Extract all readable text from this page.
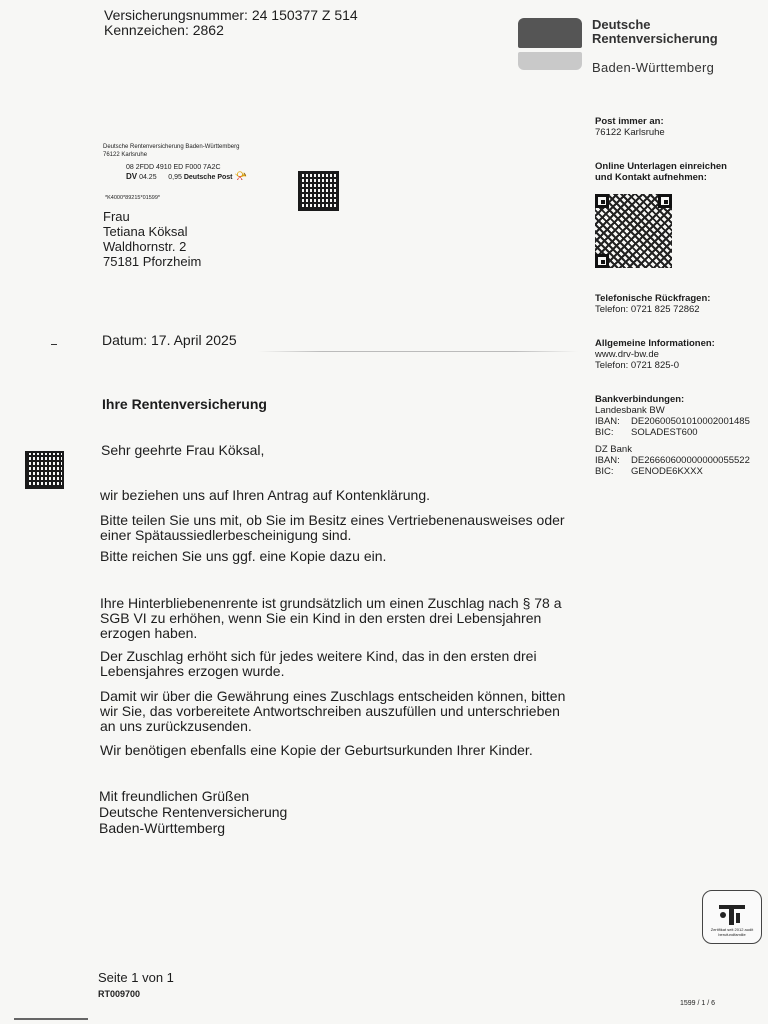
Versicherungsnummer: 24 150377 Z 514
Kennzeichen: 2862	Deutsche
Rentenversicherung
Baden-Württemberg
Deutsche Rentenversicherung Baden-Württemberg
76122 Karlsruhe
08 2FDD 4910 ED F000 7A2C
DV 04.25 0,95 Deutsche Post 📯
*K4000*89215*01599*
Frau
Tetiana Köksal
Waldhornstr. 2
75181 Pforzheim
Post immer an:
76122 Karlsruhe
Online Unterlagen einreichen
und Kontakt aufnehmen:
Telefonische Rückfragen:
Telefon: 0721 825 72862
Allgemeine Informationen:
www.drv-bw.de
Telefon: 0721 825-0
Bankverbindungen:
Landesbank BW
IBAN:	DE20600501010002001485
BIC:	SOLADEST600
DZ Bank
IBAN:	DE26660600000000055522
BIC:	GENODE6KXXX
Datum: 17. April 2025
Ihre Rentenversicherung
Sehr geehrte Frau Köksal,
wir beziehen uns auf Ihren Antrag auf Kontenklärung.
Bitte teilen Sie uns mit, ob Sie im Besitz eines Vertriebenenausweises oder
einer Spätaussiedlerbescheinigung sind.
Bitte reichen Sie uns ggf. eine Kopie dazu ein.
Ihre Hinterbliebenenrente ist grundsätzlich um einen Zuschlag nach § 78 a
SGB VI zu erhöhen, wenn Sie ein Kind in den ersten drei Lebensjahren
erzogen haben.
Der Zuschlag erhöht sich für jedes weitere Kind, das in den ersten drei
Lebensjahres erzogen wurde.
Damit wir über die Gewährung eines Zuschlags entscheiden können, bitten
wir Sie, das vorbereitete Antwortschreiben auszufüllen und unterschrieben
an uns zurückzusenden.
Wir benötigen ebenfalls eine Kopie der Geburtsurkunden Ihrer Kinder.
Mit freundlichen Grüßen
Deutsche Rentenversicherung
Baden-Württemberg
Zertifikat seit 2012 audit berufundfamilie
Seite 1 von 1
RT009700
1599 / 1 / 6
